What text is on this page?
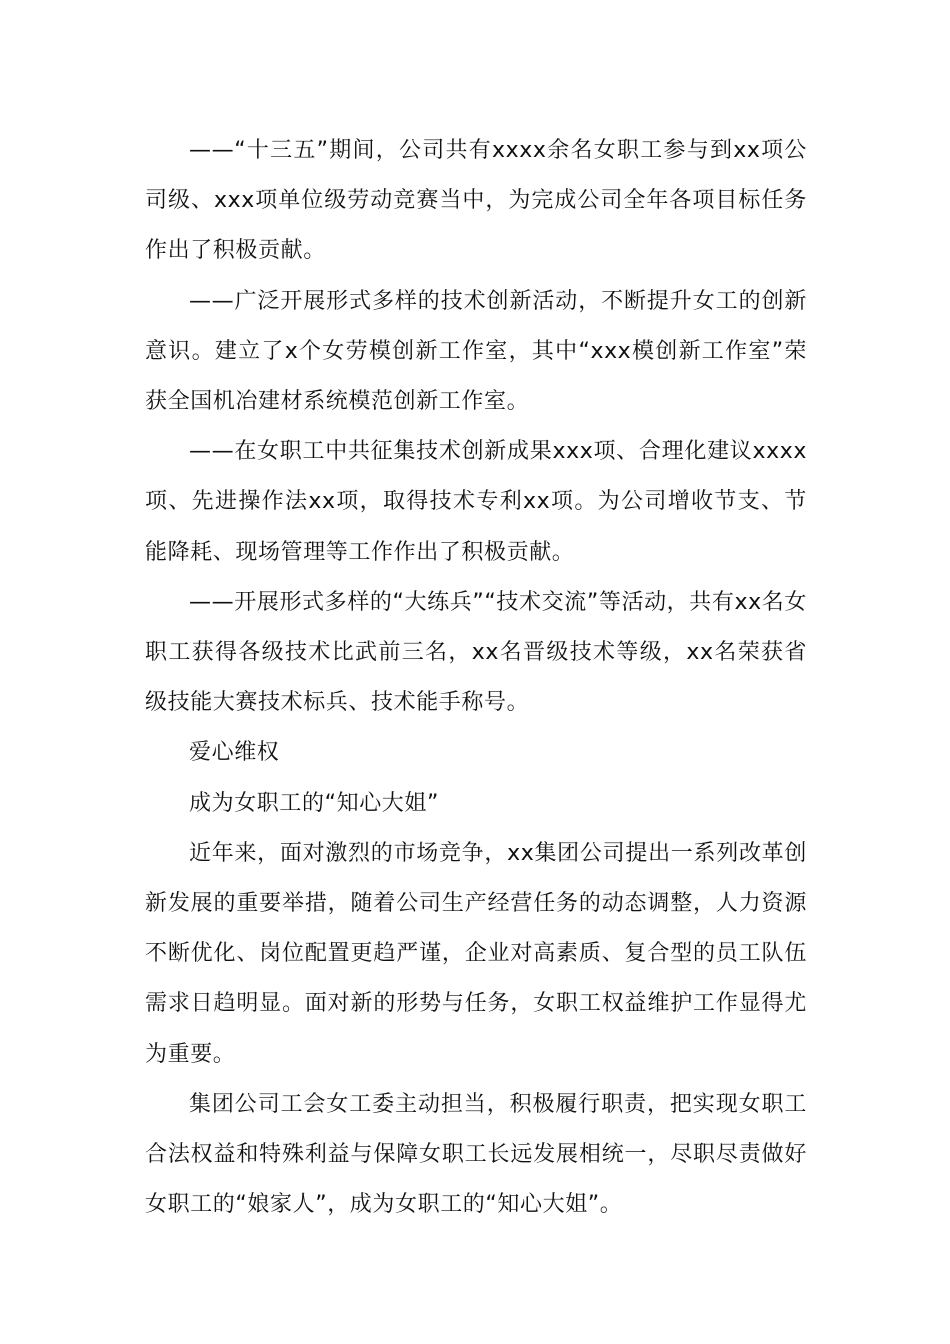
——“十三五”期间，公司共有xxxx余名女职工参与到xx项公司级、xxx项单位级劳动竞赛当中，为完成公司全年各项目标任务作出了积极贡献。

——广泛开展形式多样的技术创新活动，不断提升女工的创新意识。建立了x个女劳模创新工作室，其中“xxx模创新工作室”荣获全国机冶建材系统模范创新工作室。

——在女职工中共征集技术创新成果xxx项、合理化建议xxxx项、先进操作法xx项，取得技术专利xx项。为公司增收节支、节能降耗、现场管理等工作作出了积极贡献。

——开展形式多样的“大练兵”“技术交流”等活动，共有xx名女职工获得各级技术比武前三名，xx名晋级技术等级，xx名荣获省级技能大赛技术标兵、技术能手称号。

爱心维权

成为女职工的“知心大姐”

近年来，面对激烈的市场竞争，xx集团公司提出一系列改革创新发展的重要举措，随着公司生产经营任务的动态调整，人力资源不断优化、岗位配置更趋严谨，企业对高素质、复合型的员工队伍需求日趋明显。面对新的形势与任务，女职工权益维护工作显得尤为重要。

集团公司工会女工委主动担当，积极履行职责，把实现女职工合法权益和特殊利益与保障女职工长远发展相统一，尽职尽责做好女职工的“娘家人”，成为女职工的“知心大姐”。
